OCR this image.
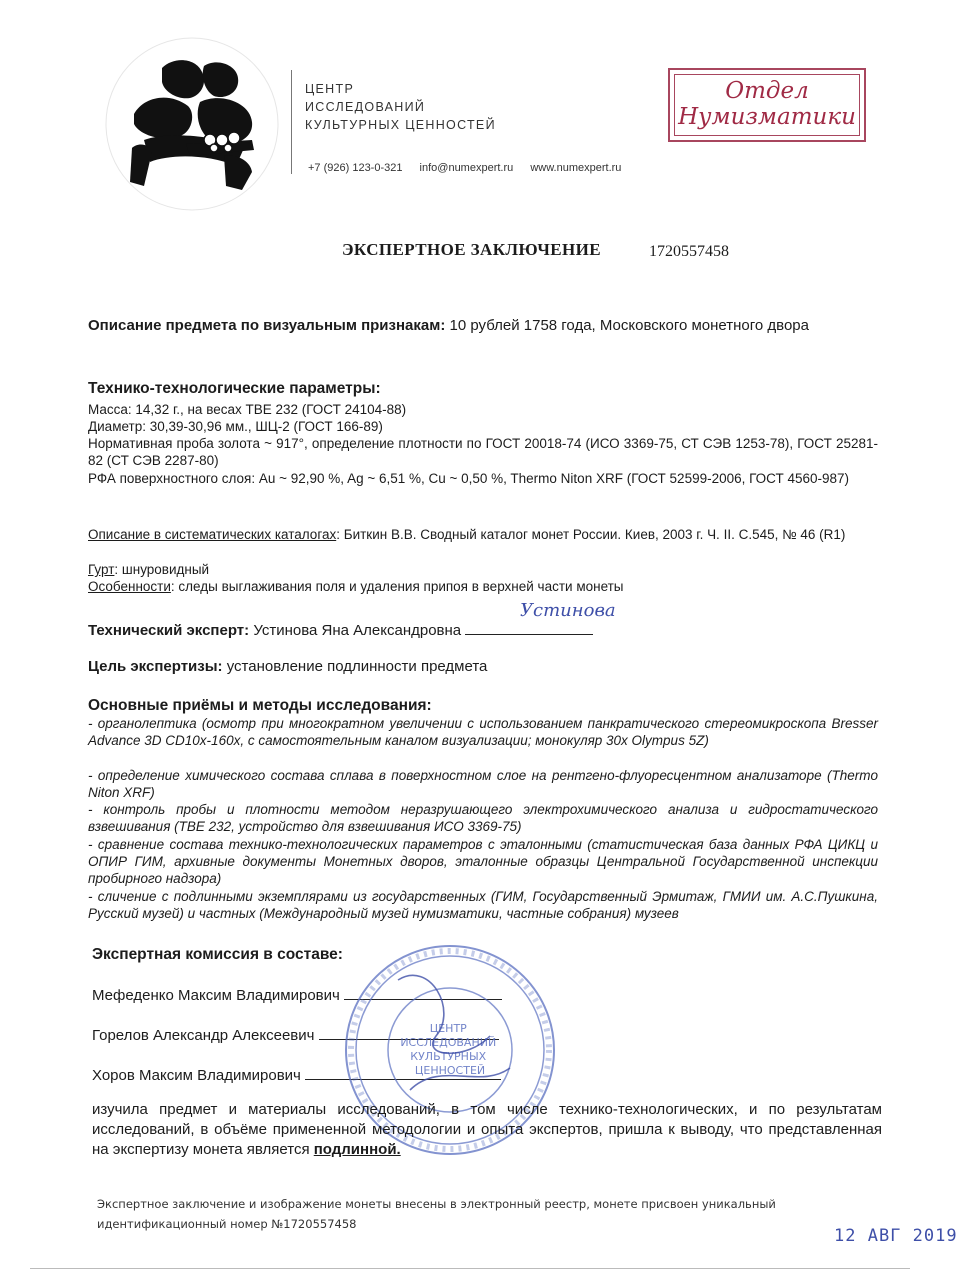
ЦЕНТР
ИССЛЕДОВАНИЙ
КУЛЬТУРНЫХ ЦЕННОСТЕЙ
+7 (926) 123-0-321 info@numexpert.ru www.numexpert.ru
Отдел
Нумизматики
ЭКСПЕРТНОЕ ЗАКЛЮЧЕНИЕ	1720557458
Описание предмета по визуальным признакам: 10 рублей 1758 года, Московского монетного двора
Технико-технологические параметры:
Масса: 14,32 г., на весах ТВЕ 232 (ГОСТ 24104-88)
Диаметр: 30,39-30,96 мм., ШЦ-2 (ГОСТ 166-89)
Нормативная проба золота ~ 917°, определение плотности по ГОСТ 20018-74 (ИСО 3369-75, СТ СЭВ 1253-78), ГОСТ 25281-82 (СТ СЭВ 2287-80)
РФА поверхностного слоя: Au ~ 92,90 %, Ag ~ 6,51 %, Cu ~ 0,50 %, Thermo Niton XRF (ГОСТ 52599-2006, ГОСТ 4560-987)
Описание в систематических каталогах: Биткин В.В. Сводный каталог монет России. Киев, 2003 г. Ч. II. С.545, № 46 (R1)
Гурт: шнуровидный
Особенности: следы выглаживания поля и удаления припоя в верхней части монеты
Технический эксперт: Устинова Яна Александровна
Устинова
Цель экспертизы: установление подлинности предмета
Основные приёмы и методы исследования:
- органолептика (осмотр при многократном увеличении с использованием панкратического стереомикроскопа Bresser Advance 3D CD10x-160x, с самостоятельным каналом визуализации; монокуляр 30x Olympus 5Z)
- определение химического состава сплава в поверхностном слое на рентгено-флуоресцентном анализаторе (Thermo Niton XRF)
- контроль пробы и плотности методом неразрушающего электрохимического анализа и гидростатического взвешивания (ТВЕ 232, устройство для взвешивания ИСО 3369-75)
- сравнение состава технико-технологических параметров с эталонными (статистическая база данных РФА ЦИКЦ и ОПИР ГИМ, архивные документы Монетных дворов, эталонные образцы Центральной Государственной инспекции пробирного надзора)
- сличение с подлинными экземплярами из государственных (ГИМ, Государственный Эрмитаж, ГМИИ им. А.С.Пушкина, Русский музей) и частных (Международный музей нумизматики, частные собрания) музеев
Экспертная комиссия в составе:
Мефеденко Максим Владимирович
Горелов Александр Алексеевич
Хоров Максим Владимирович
ЦЕНТР ИССЛЕДОВАНИЙ КУЛЬТУРНЫХ ЦЕННОСТЕЙ
изучила предмет и материалы исследований, в том числе технико-технологических, и по результатам исследований, в объёме примененной методологии и опыта экспертов, пришла к выводу, что представленная на экспертизу монета является подлинной.
Экспертное заключение и изображение монеты внесены в электронный реестр, монете присвоен уникальный идентификационный номер №1720557458
12 АВГ 2019
